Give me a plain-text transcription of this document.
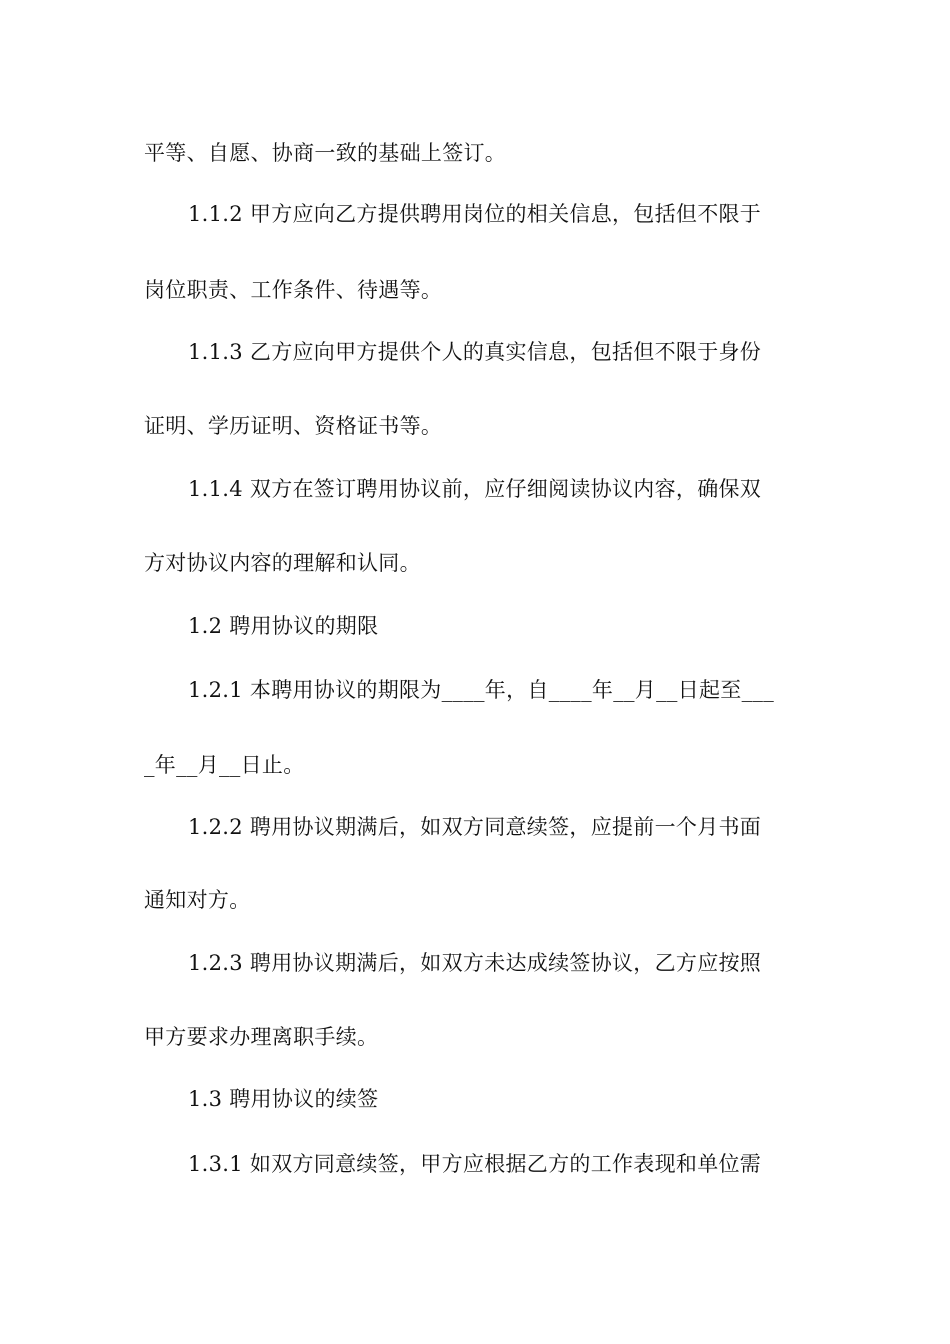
平等、自愿、协商一致的基础上签订。
1.1.2 甲方应向乙方提供聘用岗位的相关信息，包括但不限于
岗位职责、工作条件、待遇等。
1.1.3 乙方应向甲方提供个人的真实信息，包括但不限于身份
证明、学历证明、资格证书等。
1.1.4 双方在签订聘用协议前，应仔细阅读协议内容，确保双
方对协议内容的理解和认同。
1.2 聘用协议的期限
1.2.1 本聘用协议的期限为____年，自____年__月__日起至___
_年__月__日止。
1.2.2 聘用协议期满后，如双方同意续签，应提前一个月书面
通知对方。
1.2.3 聘用协议期满后，如双方未达成续签协议，乙方应按照
甲方要求办理离职手续。
1.3 聘用协议的续签
1.3.1 如双方同意续签，甲方应根据乙方的工作表现和单位需
